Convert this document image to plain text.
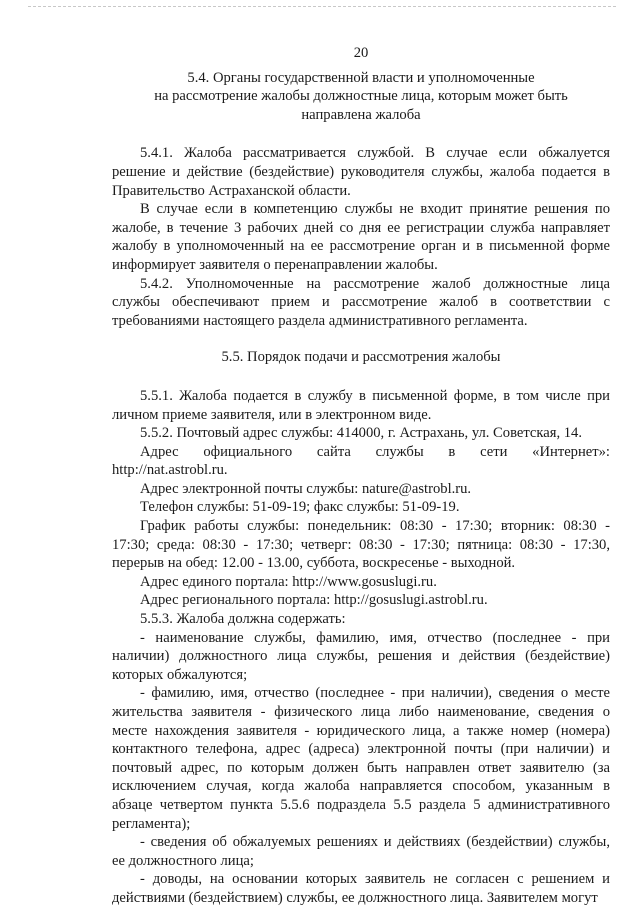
20
5.4. Органы государственной власти и уполномоченные
на рассмотрение жалобы должностные лица, которым может быть
направлена жалоба
5.4.1. Жалоба рассматривается службой. В случае если обжалуется
решение и действие (бездействие) руководителя службы, жалоба подается в
Правительство Астраханской области.
В случае если в компетенцию службы не входит принятие решения по
жалобе, в течение 3 рабочих дней со дня ее регистрации служба направляет
жалобу в уполномоченный на ее рассмотрение орган и в письменной форме
информирует заявителя о перенаправлении жалобы.
5.4.2. Уполномоченные на рассмотрение жалоб должностные лица
службы обеспечивают прием и рассмотрение жалоб в соответствии с
требованиями настоящего раздела административного регламента.
5.5. Порядок подачи и рассмотрения жалобы
5.5.1. Жалоба подается в службу в письменной форме, в том числе при
личном приеме заявителя, или в электронном виде.
5.5.2. Почтовый адрес службы: 414000, г. Астрахань, ул. Советская, 14.
Адрес официального сайта службы в сети «Интернет»:
http://nat.astrobl.ru.
Адрес электронной почты службы: nature@astrobl.ru.
Телефон службы: 51-09-19; факс службы: 51-09-19.
График работы службы: понедельник: 08:30 - 17:30; вторник: 08:30 -
17:30; среда: 08:30 - 17:30; четверг: 08:30 - 17:30; пятница: 08:30 - 17:30,
перерыв на обед: 12.00 - 13.00, суббота, воскресенье - выходной.
Адрес единого портала: http://www.gosuslugi.ru.
Адрес регионального портала: http://gosuslugi.astrobl.ru.
5.5.3. Жалоба должна содержать:
- наименование службы, фамилию, имя, отчество (последнее - при
наличии) должностного лица службы, решения и действия (бездействие)
которых обжалуются;
- фамилию, имя, отчество (последнее - при наличии), сведения о месте
жительства заявителя - физического лица либо наименование, сведения о
месте нахождения заявителя - юридического лица, а также номер (номера)
контактного телефона, адрес (адреса) электронной почты (при наличии) и
почтовый адрес, по которым должен быть направлен ответ заявителю (за
исключением случая, когда жалоба направляется способом, указанным в
абзаце четвертом пункта 5.5.6 подраздела 5.5 раздела 5 административного
регламента);
- сведения об обжалуемых решениях и действиях (бездействии) службы,
ее должностного лица;
- доводы, на основании которых заявитель не согласен с решением и
действиями (бездействием) службы, ее должностного лица. Заявителем могут
